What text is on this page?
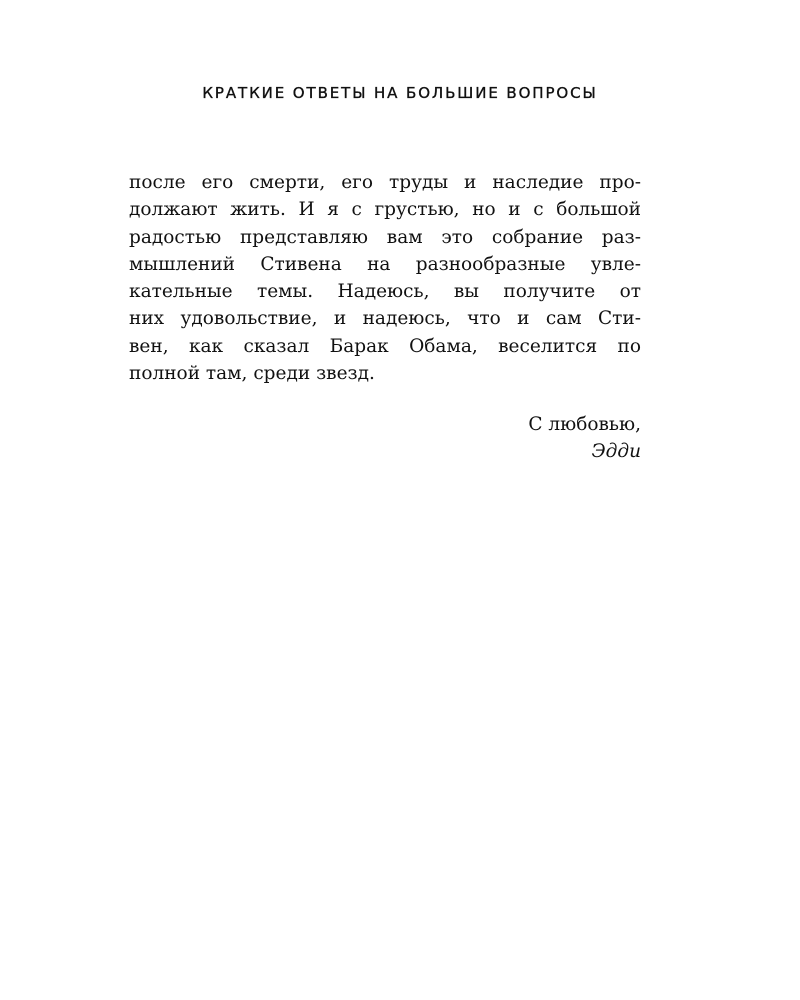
КРАТКИЕ ОТВЕТЫ НА БОЛЬШИЕ ВОПРОСЫ
после его смерти, его труды и наследие про-
должают жить. И я с грустью, но и с большой
радостью представляю вам это собрание раз-
мышлений Стивена на разнообразные увле-
кательные темы. Надеюсь, вы получите от
них удовольствие, и надеюсь, что и сам Сти-
вен, как сказал Барак Обама, веселится по
полной там, среди звезд.
С любовью,
Эдди
